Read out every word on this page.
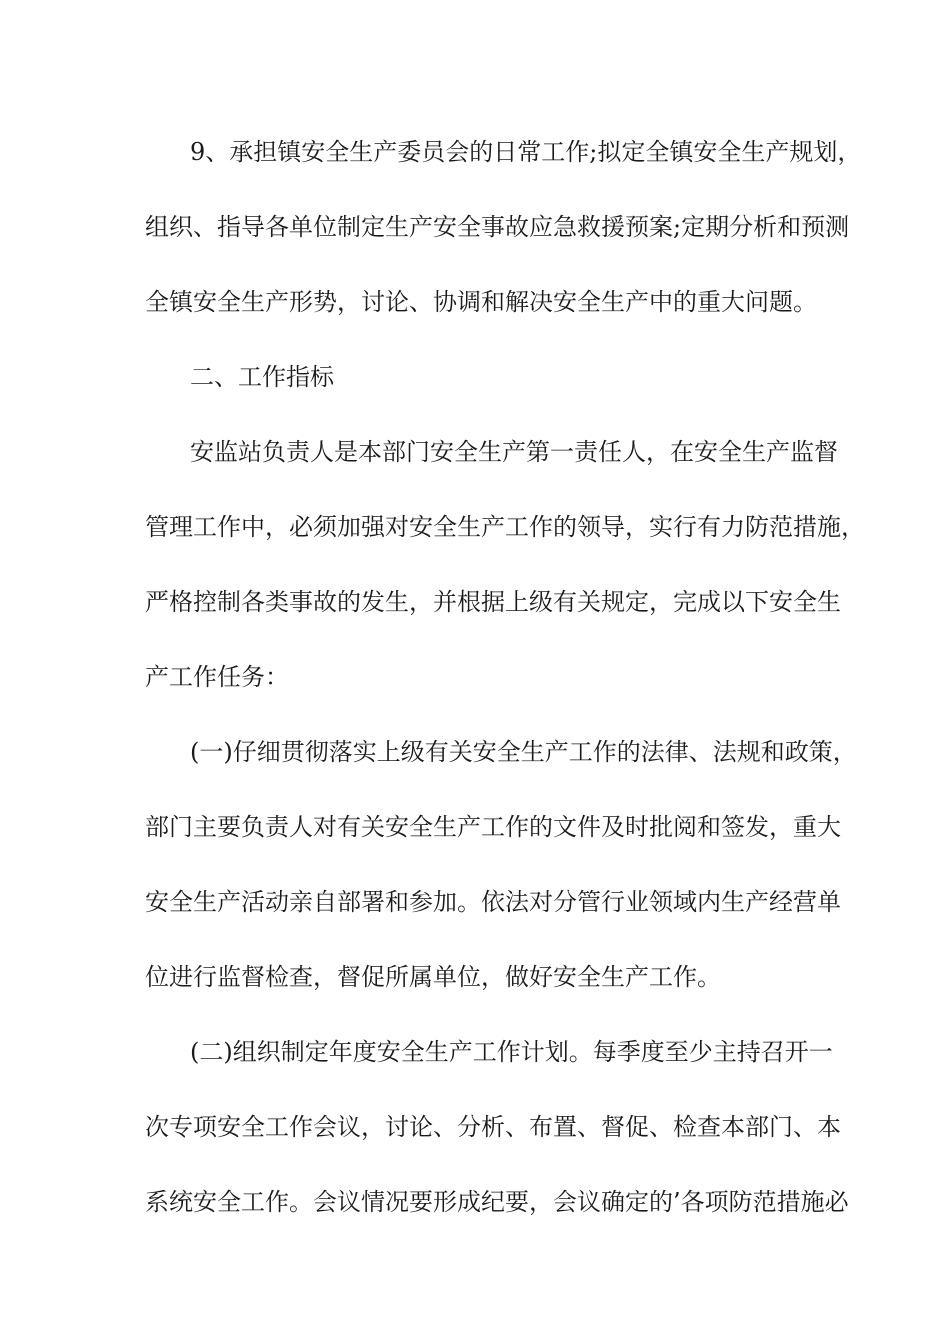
9、承担镇安全生产委员会的日常工作;拟定全镇安全生产规划，

组织、指导各单位制定生产安全事故应急救援预案;定期分析和预测

全镇安全生产形势，讨论、协调和解决安全生产中的重大问题。

二、工作指标

安监站负责人是本部门安全生产第一责任人，在安全生产监督

管理工作中，必须加强对安全生产工作的领导，实行有力防范措施，

严格控制各类事故的发生，并根据上级有关规定，完成以下安全生

产工作任务：

(一)仔细贯彻落实上级有关安全生产工作的法律、法规和政策，

部门主要负责人对有关安全生产工作的文件及时批阅和签发，重大

安全生产活动亲自部署和参加。依法对分管行业领域内生产经营单

位进行监督检查，督促所属单位，做好安全生产工作。

(二)组织制定年度安全生产工作计划。每季度至少主持召开一

次专项安全工作会议，讨论、分析、布置、督促、检查本部门、本

系统安全工作。会议情况要形成纪要，会议确定的’各项防范措施必
